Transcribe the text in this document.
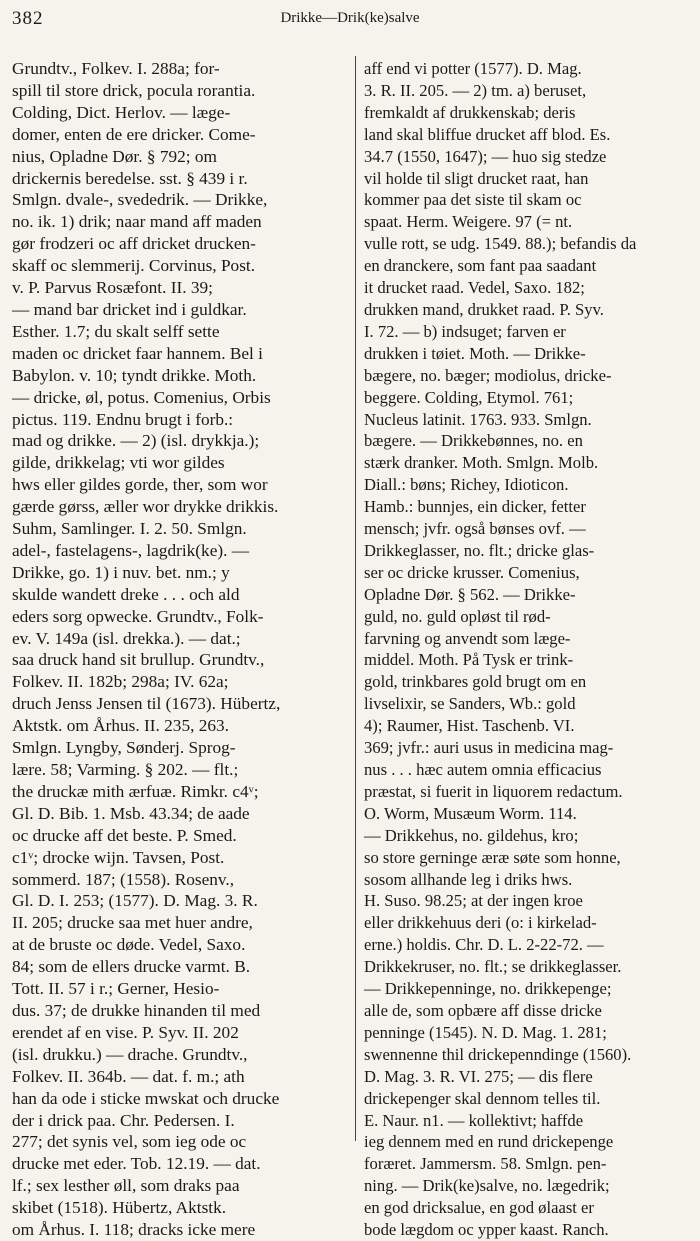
382	Drikke—Drik(ke)salve
Grundtv., Folkev. I. 288a; for-
spill til store drick, pocula rorantia.
Colding, Dict. Herlov. — læge-
domer, enten de ere dricker. Come-
nius, Opladne Dør. § 792; om
drickernis beredelse. sst. § 439 i r.
Smlgn. dvale-, svededrik. — Drikke,
no. ik. 1) drik; naar mand aff maden
gør frodzeri oc aff dricket drucken-
skaff oc slemmerij. Corvinus, Post.
v. P. Parvus Rosæfont. II. 39;
— mand bar dricket ind i guldkar.
Esther. 1.7; du skalt selff sette
maden oc dricket faar hannem. Bel i
Babylon. v. 10; tyndt drikke. Moth.
— dricke, øl, potus. Comenius, Orbis
pictus. 119. Endnu brugt i forb.:
mad og drikke. — 2) (isl. drykkja.);
gilde, drikkelag; vti wor gildes
hws eller gildes gorde, ther, som wor
gærde gørss, æller wor drykke drikkis.
Suhm, Samlinger. I. 2. 50. Smlgn.
adel-, fastelagens-, lagdrik(ke). —
Drikke, go. 1) i nuv. bet. nm.; y
skulde wandett dreke . . . och ald
eders sorg opwecke. Grundtv., Folk-
ev. V. 149a (isl. drekka.). — dat.;
saa druck hand sit brullup. Grundtv.,
Folkev. II. 182b; 298a; IV. 62a;
druch Jenss Jensen til (1673). Hübertz,
Aktstk. om Århus. II. 235, 263.
Smlgn. Lyngby, Sønderj. Sprog-
lære. 58; Varming. § 202. — flt.;
the druckæ mith ærfuæ. Rimkr. c4ᵛ;
Gl. D. Bib. 1. Msb. 43.34; de aade
oc drucke aff det beste. P. Smed.
c1ᵛ; drocke wijn. Tavsen, Post.
sommerd. 187; (1558). Rosenv.,
Gl. D. I. 253; (1577). D. Mag. 3. R.
II. 205; drucke saa met huer andre,
at de bruste oc døde. Vedel, Saxo.
84; som de ellers drucke varmt. B.
Tott. II. 57 i r.; Gerner, Hesio-
dus. 37; de drukke hinanden til med
erendet af en vise. P. Syv. II. 202
(isl. drukku.) — drache. Grundtv.,
Folkev. II. 364b. — dat. f. m.; ath
han da ode i sticke mwskat och drucke
der i drick paa. Chr. Pedersen. I.
277; det synis vel, som ieg ode oc
drucke met eder. Tob. 12.19. — dat.
lf.; sex lesther øll, som draks paa
skibet (1518). Hübertz, Aktstk.
om Århus. I. 118; dracks icke mere
aff end vi potter (1577). D. Mag.
3. R. II. 205. — 2) tm. a) beruset,
fremkaldt af drukkenskab; deris
land skal bliffue drucket aff blod. Es.
34.7 (1550, 1647); — huo sig stedze
vil holde til sligt drucket raat, han
kommer paa det siste til skam oc
spaat. Herm. Weigere. 97 (= nt.
vulle rott, se udg. 1549. 88.); befandis da
en dranckere, som fant paa saadant
it drucket raad. Vedel, Saxo. 182;
drukken mand, drukket raad. P. Syv.
I. 72. — b) indsuget; farven er
drukken i tøiet. Moth. — Drikke-
bægere, no. bæger; modiolus, dricke-
beggere. Colding, Etymol. 761;
Nucleus latinit. 1763. 933. Smlgn.
bægere. — Drikkebønnes, no. en
stærk dranker. Moth. Smlgn. Molb.
Diall.: bøns; Richey, Idioticon.
Hamb.: bunnjes, ein dicker, fetter
mensch; jvfr. også bønses ovf. —
Drikkeglasser, no. flt.; dricke glas-
ser oc dricke krusser. Comenius,
Opladne Dør. § 562. — Drikke-
guld, no. guld opløst til rød-
farvning og anvendt som læge-
middel. Moth. På Tysk er trink-
gold, trinkbares gold brugt om en
livselixir, se Sanders, Wb.: gold
4); Raumer, Hist. Taschenb. VI.
369; jvfr.: auri usus in medicina mag-
nus . . . hæc autem omnia efficacius
præstat, si fuerit in liquorem redactum.
O. Worm, Musæum Worm. 114.
— Drikkehus, no. gildehus, kro;
so store gerninge æræ søte som honne,
sosom allhande leg i driks hws.
H. Suso. 98.25; at der ingen kroe
eller drikkehuus deri (o: i kirkelad-
erne.) holdis. Chr. D. L. 2-22-72. —
Drikkekruser, no. flt.; se drikkeglasser.
— Drikkepenninge, no. drikkepenge;
alle de, som opbære aff disse dricke
penninge (1545). N. D. Mag. 1. 281;
swennenne thil drickepenndinge (1560).
D. Mag. 3. R. VI. 275; — dis flere
drickepenger skal dennom telles til.
E. Naur. n1. — kollektivt; haffde
ieg dennem med en rund drickepenge
foræret. Jammersm. 58. Smlgn. pen-
ning. — Drik(ke)salve, no. lægedrik;
en god dricksalue, en god ølaast er
bode lægdom oc ypper kaast. Ranch.
